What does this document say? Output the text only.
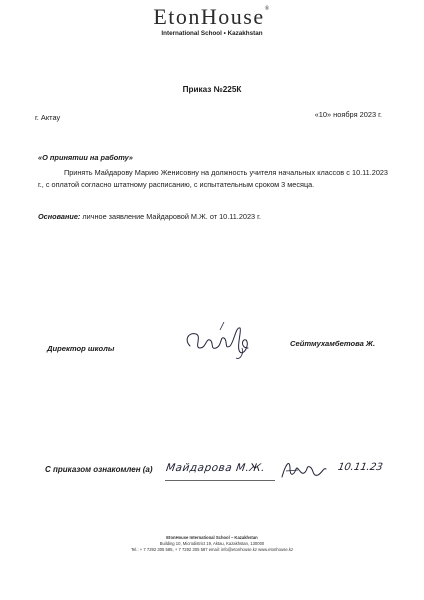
EtonHouse®
International School • Kazakhstan
Приказ №225К
г. Актау	«10» ноября 2023 г.
«О принятии на работу»
Принять Майдарову Марию Женисовну на должность учителя начальных классов с 10.11.2023 г., с оплатой согласно штатному расписанию, с испытательным сроком 3 месяца.
Основание: личное заявление Майдаровой М.Ж. от 10.11.2023 г.
Директор школы
Сейтмухамбетова Ж.
С приказом ознакомлен (а) Майдарова М.Ж.	10.11.23
EtonHouse International School – Kazakhstan
Building 10, Microdistrict 19, Aktau, Kazakhstan, 130000
Tel.: + 7 7292 305 585, + 7 7292 305 587 email: info@etonhouse.kz www.etonhouse.kz
